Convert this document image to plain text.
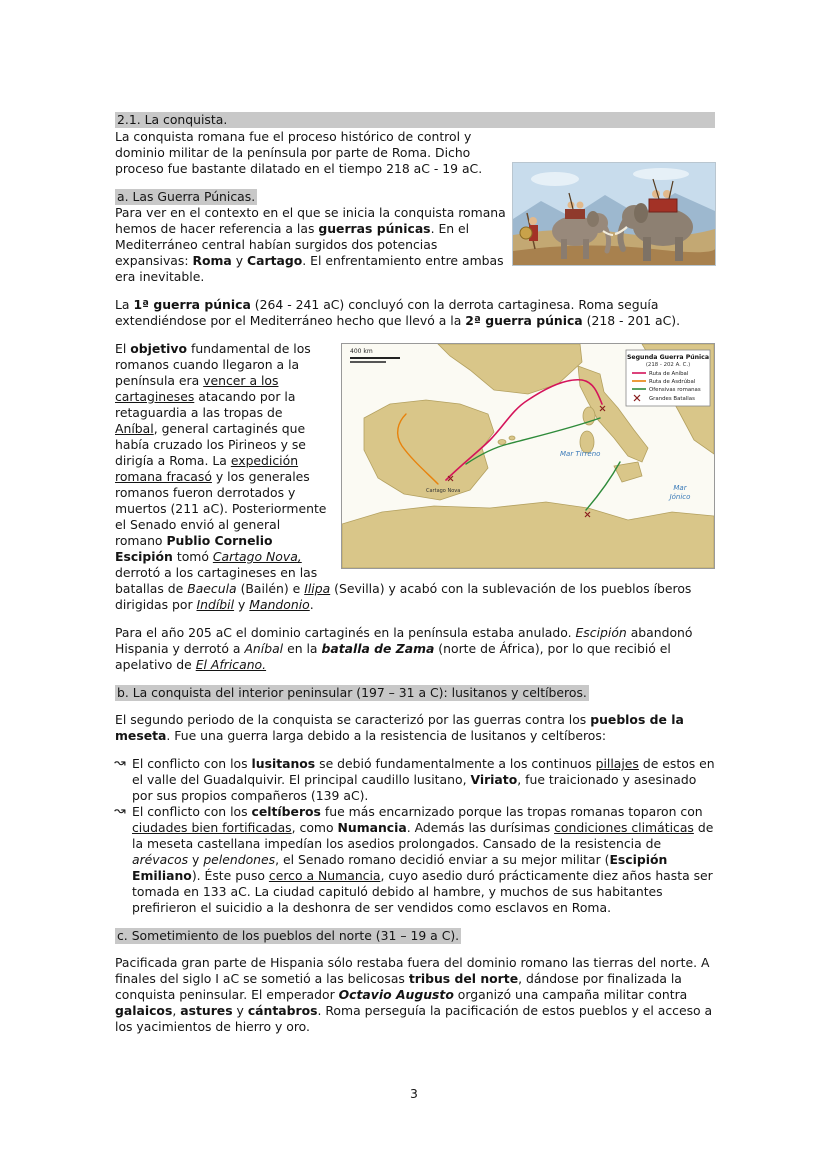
2.1. La conquista.

La conquista romana fue el proceso histórico de control y dominio militar de la península por parte de Roma. Dicho proceso fue bastante dilatado en el tiempo 218 aC - 19 aC.

a. Las Guerra Púnicas.

Para ver en el contexto en el que se inicia la conquista romana hemos de hacer referencia a las guerras púnicas. En el Mediterráneo central habían surgidos dos potencias expansivas: Roma y Cartago. El enfrentamiento entre ambas era inevitable.

La 1ª guerra púnica (264 - 241 aC) concluyó con la derrota cartaginesa. Roma seguía extendiéndose por el Mediterráneo hecho que llevó a la 2ª guerra púnica (218 - 201 aC).

400 km
Segunda Guerra Púnica
(218 - 202 A. C.)
Ruta de Aníbal
Ruta de Asdrúbal
Ofensivas romanas
Grandes Batallas
Mar Tirreno
Mar
Jónico
Cartago Nova
El objetivo fundamental de los romanos cuando llegaron a la península era vencer a los cartagineses atacando por la retaguardia a las tropas de Aníbal, general cartaginés que había cruzado los Pirineos y se dirigía a Roma. La expedición romana fracasó y los generales romanos fueron derrotados y muertos (211 aC). Posteriormente el Senado envió al general romano Publio Cornelio Escipión tomó Cartago Nova, derrotó a los cartagineses en las batallas de Baecula (Bailén) e Ilipa (Sevilla) y acabó con la sublevación de los pueblos íberos dirigidas por Indíbil y Mandonio.

Para el año 205 aC el dominio cartaginés en la península estaba anulado. Escipión abandonó Hispania y derrotó a Aníbal en la batalla de Zama (norte de África), por lo que recibió el apelativo de El Africano.

b. La conquista del interior peninsular (197 – 31 a C): lusitanos y celtíberos.

El segundo periodo de la conquista se caracterizó por las guerras contra los pueblos de la meseta. Fue una guerra larga debido a la resistencia de lusitanos y celtíberos:

↝ El conflicto con los lusitanos se debió fundamentalmente a los continuos pillajes de estos en el valle del Guadalquivir. El principal caudillo lusitano, Viriato, fue traicionado y asesinado por sus propios compañeros (139 aC).
↝ El conflicto con los celtíberos fue más encarnizado porque las tropas romanas toparon con ciudades bien fortificadas, como Numancia. Además las durísimas condiciones climáticas de la meseta castellana impedían los asedios prolongados. Cansado de la resistencia de arévacos y pelendones, el Senado romano decidió enviar a su mejor militar (Escipión Emiliano). Éste puso cerco a Numancia, cuyo asedio duró prácticamente diez años hasta ser tomada en 133 aC. La ciudad capituló debido al hambre, y muchos de sus habitantes prefirieron el suicidio a la deshonra de ser vendidos como esclavos en Roma.
c. Sometimiento de los pueblos del norte (31 – 19 a C).

Pacificada gran parte de Hispania sólo restaba fuera del dominio romano las tierras del norte. A finales del siglo I aC se sometió a las belicosas tribus del norte, dándose por finalizada la conquista peninsular. El emperador Octavio Augusto organizó una campaña militar contra galaicos, astures y cántabros. Roma perseguía la pacificación de estos pueblos y el acceso a los yacimientos de hierro y oro.

3
